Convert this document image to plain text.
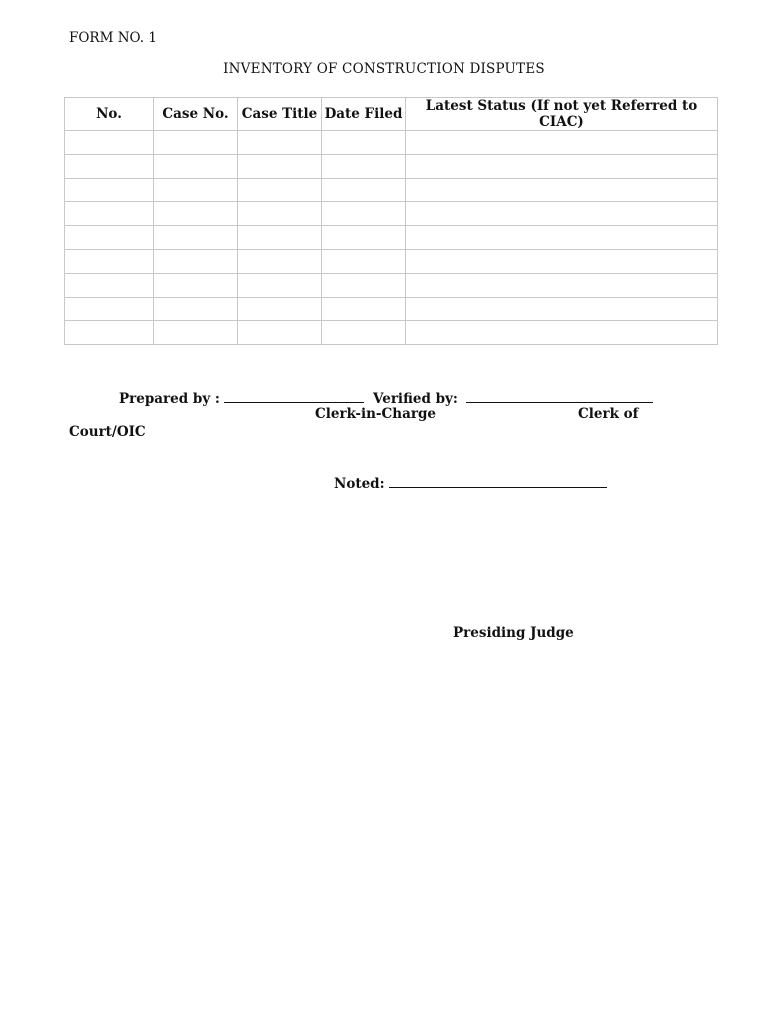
FORM NO. 1
INVENTORY OF CONSTRUCTION DISPUTES
No.	Case No.	Case Title	Date Filed	Latest Status (If not yet Referred to CIAC)

Prepared by :	Verified by:
Clerk-in-Charge	Clerk of
Court/OIC
Noted:
Presiding Judge
